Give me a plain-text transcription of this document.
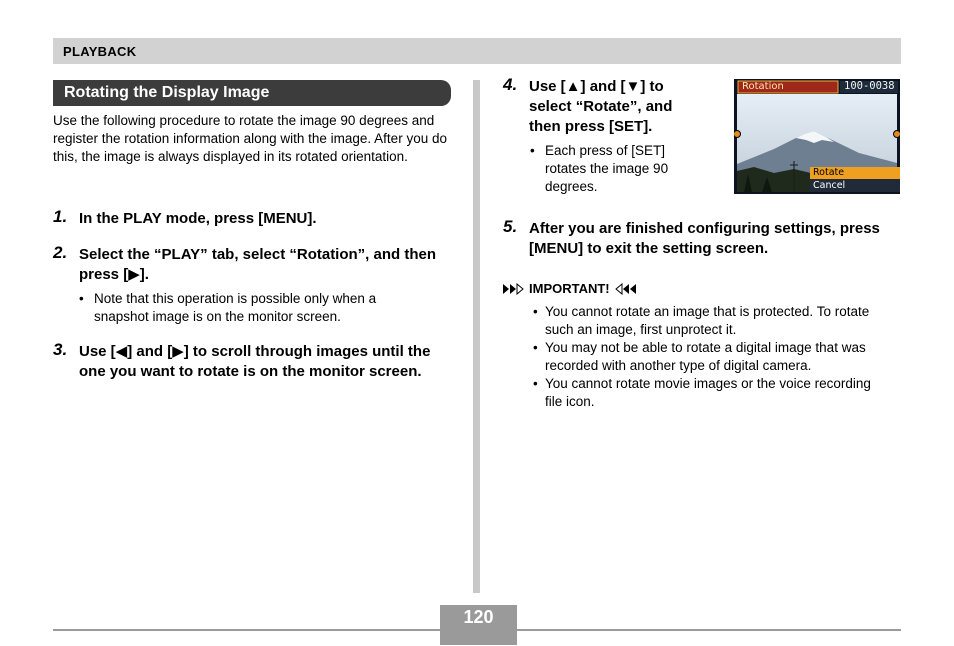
PLAYBACK
Rotating the Display Image
Use the following procedure to rotate the image 90 degrees and register the rotation information along with the image. After you do this, the image is always displayed in its rotated orientation.
1. In the PLAY mode, press [MENU].
2. Select the “PLAY” tab, select “Rotation”, and then press [▶].
• Note that this operation is possible only when a snapshot image is on the monitor screen.
3. Use [◀] and [▶] to scroll through images until the one you want to rotate is on the monitor screen.
4. Use [▲] and [▼] to select “Rotate”, and then press [SET].
• Each press of [SET] rotates the image 90 degrees.
Rotation	100-0038
Rotate
Cancel
5. After you are finished configuring settings, press [MENU] to exit the setting screen.
IMPORTANT!
• You cannot rotate an image that is protected. To rotate such an image, first unprotect it.
• You may not be able to rotate a digital image that was recorded with another type of digital camera.
• You cannot rotate movie images or the voice recording file icon.
120
